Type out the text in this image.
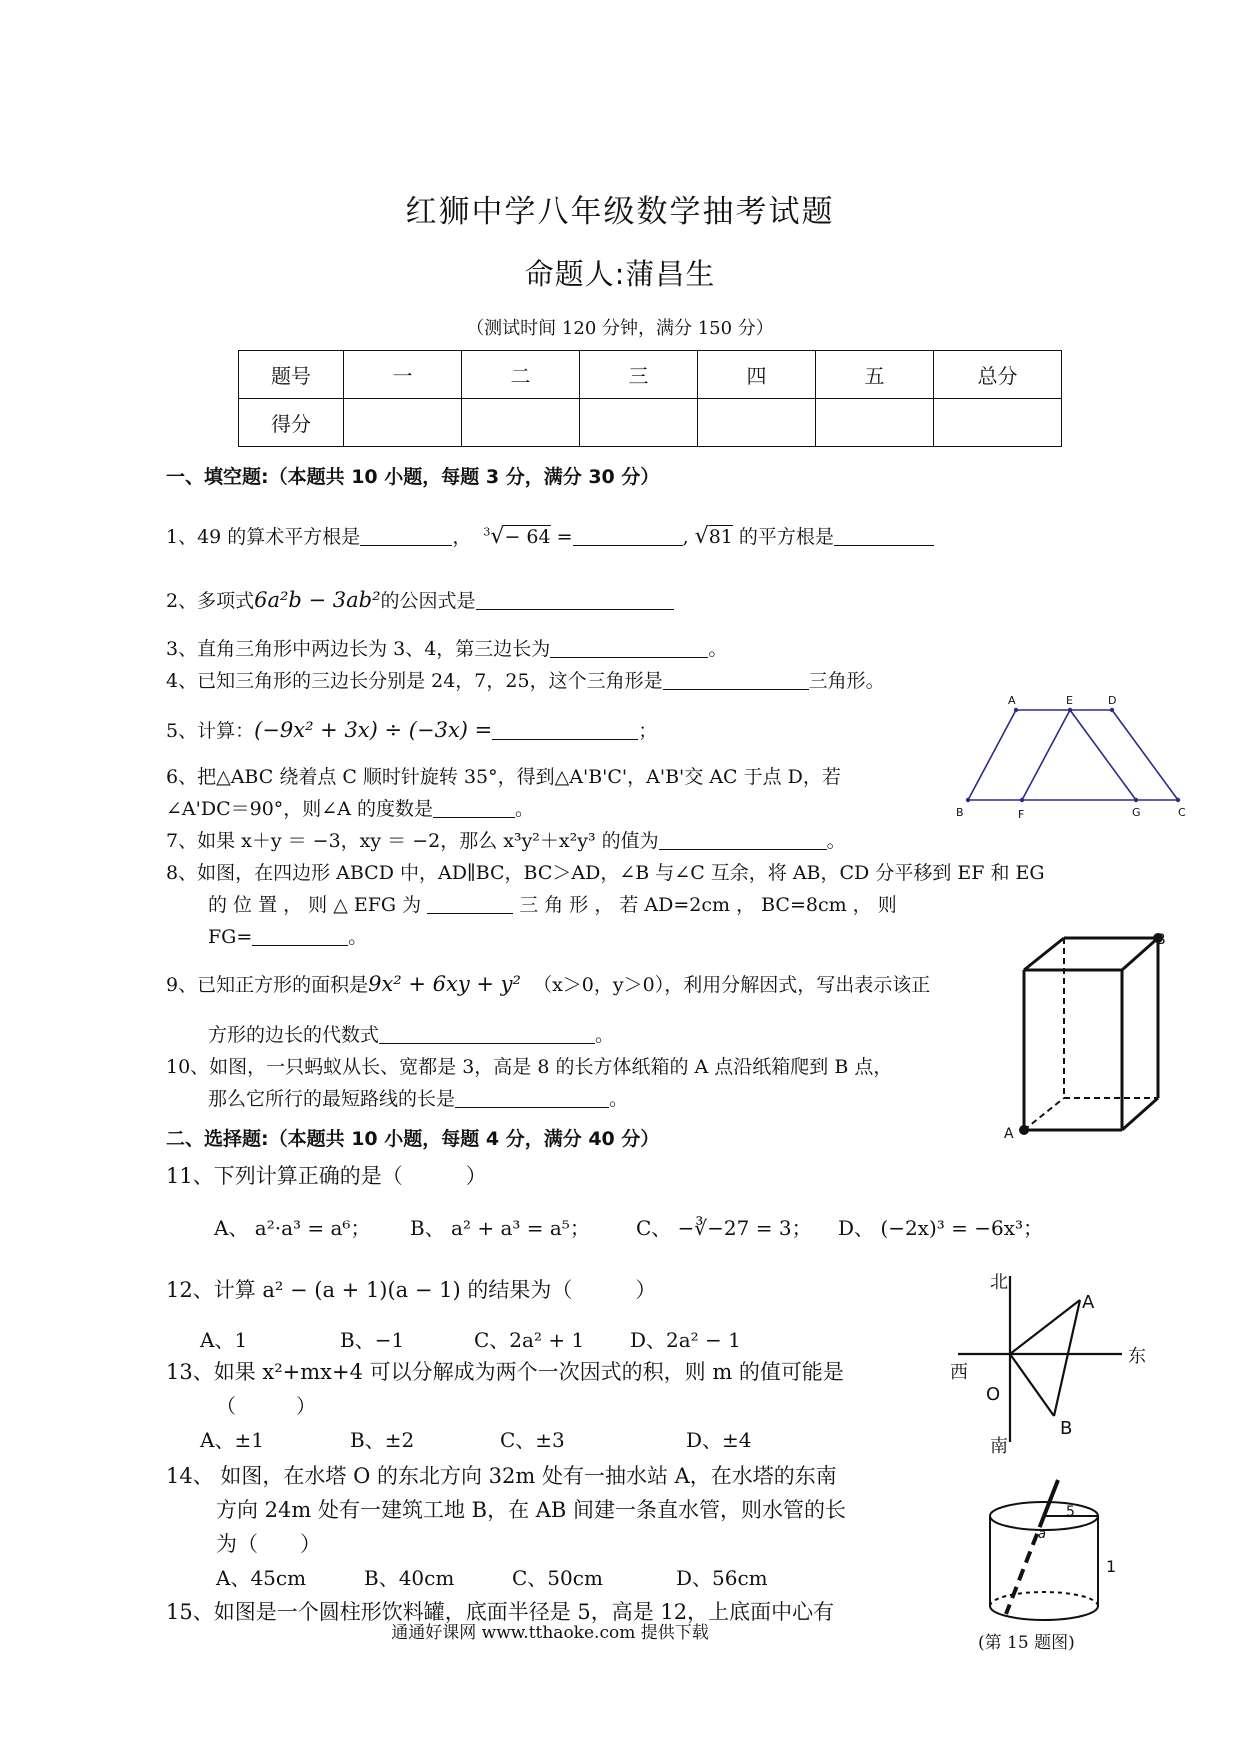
红狮中学八年级数学抽考试题
命题人:蒲昌生
（测试时间 120 分钟，满分 150 分）
题号	一	二	三	四	五	总分
得分						
一、填空题:（本题共 10 小题，每题 3 分，满分 30 分）
1、49 的算术平方根是	， $^3$√− 64 =	, √81 的平方根是
2、多项式6a²b − 3ab²的公因式是
3、直角三角形中两边长为 3、4，第三边长为	。
4、已知三角形的三边长分别是 24，7，25，这个三角形是	三角形。
5、计算：(−9x² + 3x) ÷ (−3x) =	；
6、把△ABC 绕着点 C 顺时针旋转 35°，得到△A'B'C'，A'B'交 AC 于点 D，若
∠A'DC＝90°，则∠A 的度数是	。
7、如果 x＋y ＝ −3，xy ＝ −2，那么 x³y²＋x²y³ 的值为	。
8、如图，在四边形 ABCD 中，AD∥BC，BC＞AD，∠B 与∠C 互余，将 AB，CD 分平移到 EF 和 EG
的 位 置 ， 则 △ EFG 为	三 角 形 ， 若 AD=2cm ， BC=8cm ， 则
FG=	。
9、已知正方形的面积是9x² + 6xy + y² （x＞0，y＞0），利用分解因式，写出表示该正
方形的边长的代数式	。
10、如图，一只蚂蚁从长、宽都是 3，高是 8 的长方体纸箱的 A 点沿纸箱爬到 B 点，
那么它所行的最短路线的长是	。
二、选择题:（本题共 10 小题，每题 4 分，满分 40 分）
11、下列计算正确的是（　　　）
A、 a²·a³ = a⁶； B、 a² + a³ = a⁵； C、 −∛−27 = 3； D、 (−2x)³ = −6x³；
12、计算 a² − (a + 1)(a − 1) 的结果为（　　　）
A、1	B、−1	C、2a² + 1 D、2a² − 1
13、如果 x²+mx+4 可以分解成为两个一次因式的积，则 m 的值可能是
（　　　）
A、±1	B、±2	C、±3	D、±4
14、 如图，在水塔 O 的东北方向 32m 处有一抽水站 A，在水塔的东南
方向 24m 处有一建筑工地 B，在 AB 间建一条直水管，则水管的长
为（　　）
A、45cm	B、40cm	C、50cm	D、56cm
15、如图是一个圆柱形饮料罐，底面半径是 5，高是 12，上底面中心有
A	E	D
B	F	G	C
A
B
北
南
西
东
O
A
B
5
1
a
(第 15 题图)
通通好课网 www.tthaoke.com 提供下载
